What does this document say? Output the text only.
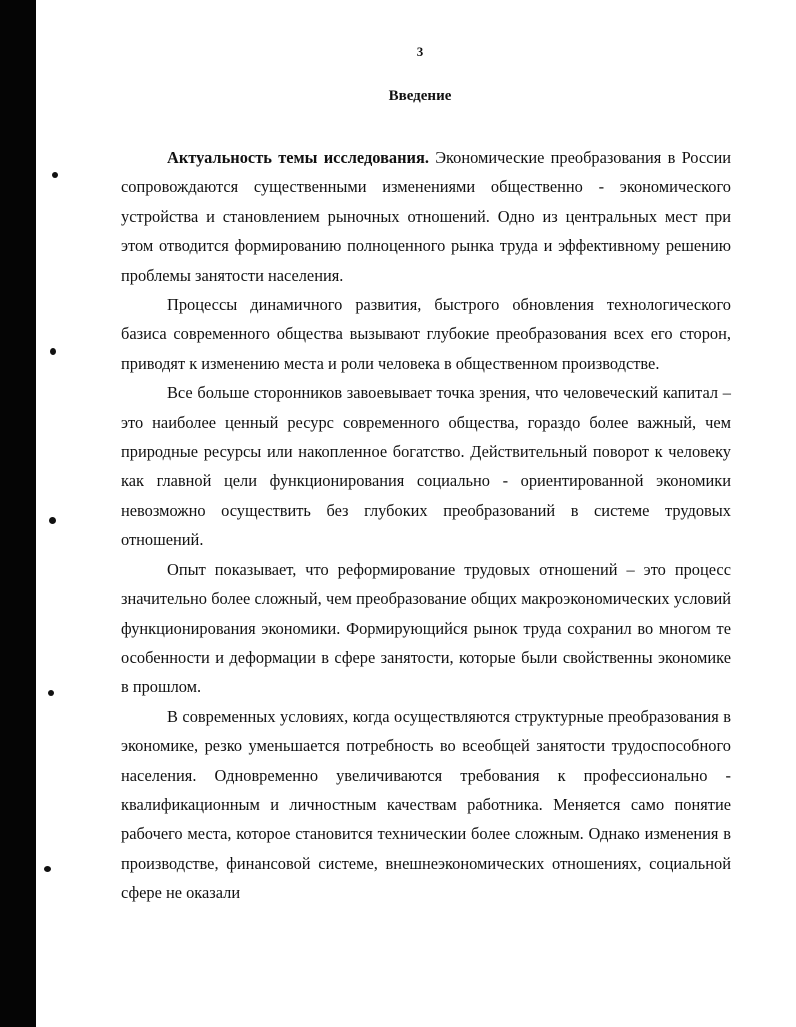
3
Введение

Актуальность темы исследования. Экономические преобразования в России сопровождаются существенными изменениями общественно - экономического устройства и становлением рыночных отношений. Одно из центральных мест при этом отводится формированию полноценного рынка труда и эффективному решению проблемы занятости населения.

Процессы динамичного развития, быстрого обновления технологического базиса современного общества вызывают глубокие преобразования всех его сторон, приводят к изменению места и роли человека в общественном производстве.

Все больше сторонников завоевывает точка зрения, что человеческий капитал – это наиболее ценный ресурс современного общества, гораздо более важный, чем природные ресурсы или накопленное богатство. Действительный поворот к человеку как главной цели функционирования социально - ориентированной экономики невозможно осуществить без глубоких преобразований в системе трудовых отношений.

Опыт показывает, что реформирование трудовых отношений – это процесс значительно более сложный, чем преобразование общих макроэкономических условий функционирования экономики. Формирующийся рынок труда сохранил во многом те особенности и деформации в сфере занятости, которые были свойственны экономике в прошлом.

В современных условиях, когда осуществляются структурные преобразования в экономике, резко уменьшается потребность во всеобщей занятости трудоспособного населения. Одновременно увеличиваются требования к профессионально - квалификационным и личностным качествам работника. Меняется само понятие рабочего места, которое становится техническии более сложным. Однако изменения в производстве, финансовой системе, внешнеэкономических отношениях, социальной сфере не оказали
